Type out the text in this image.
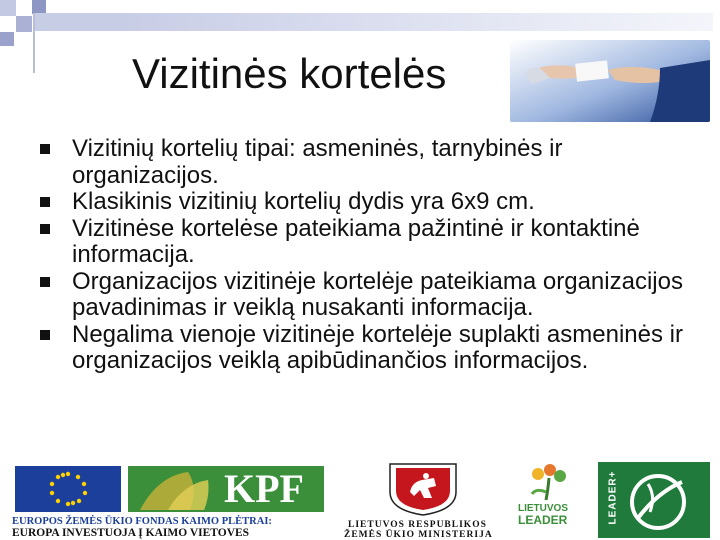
Vizitinės kortelės
Vizitinių kortelių tipai: asmeninės, tarnybinės ir organizacijos.
Klasikinis vizitinių kortelių dydis yra 6x9 cm.
Vizitinėse kortelėse pateikiama pažintinė ir kontaktinė informacija.
Organizacijos vizitinėje kortelėje pateikiama organizacijos pavadinimas ir veiklą nusakanti informacija.
Negalima vienoje vizitinėje kortelėje suplakti asmeninės ir organizacijos veiklą apibūdinančios informacijos.
KPF
EUROPOS ŽEMĖS ŪKIO FONDAS KAIMO PLĖTRAI:
EUROPA INVESTUOJA Į KAIMO VIETOVES
LIETUVOS RESPUBLIKOS
ŽEMĖS ŪKIO MINISTERIJA
LIETUVOS
LEADER	LEADER+
